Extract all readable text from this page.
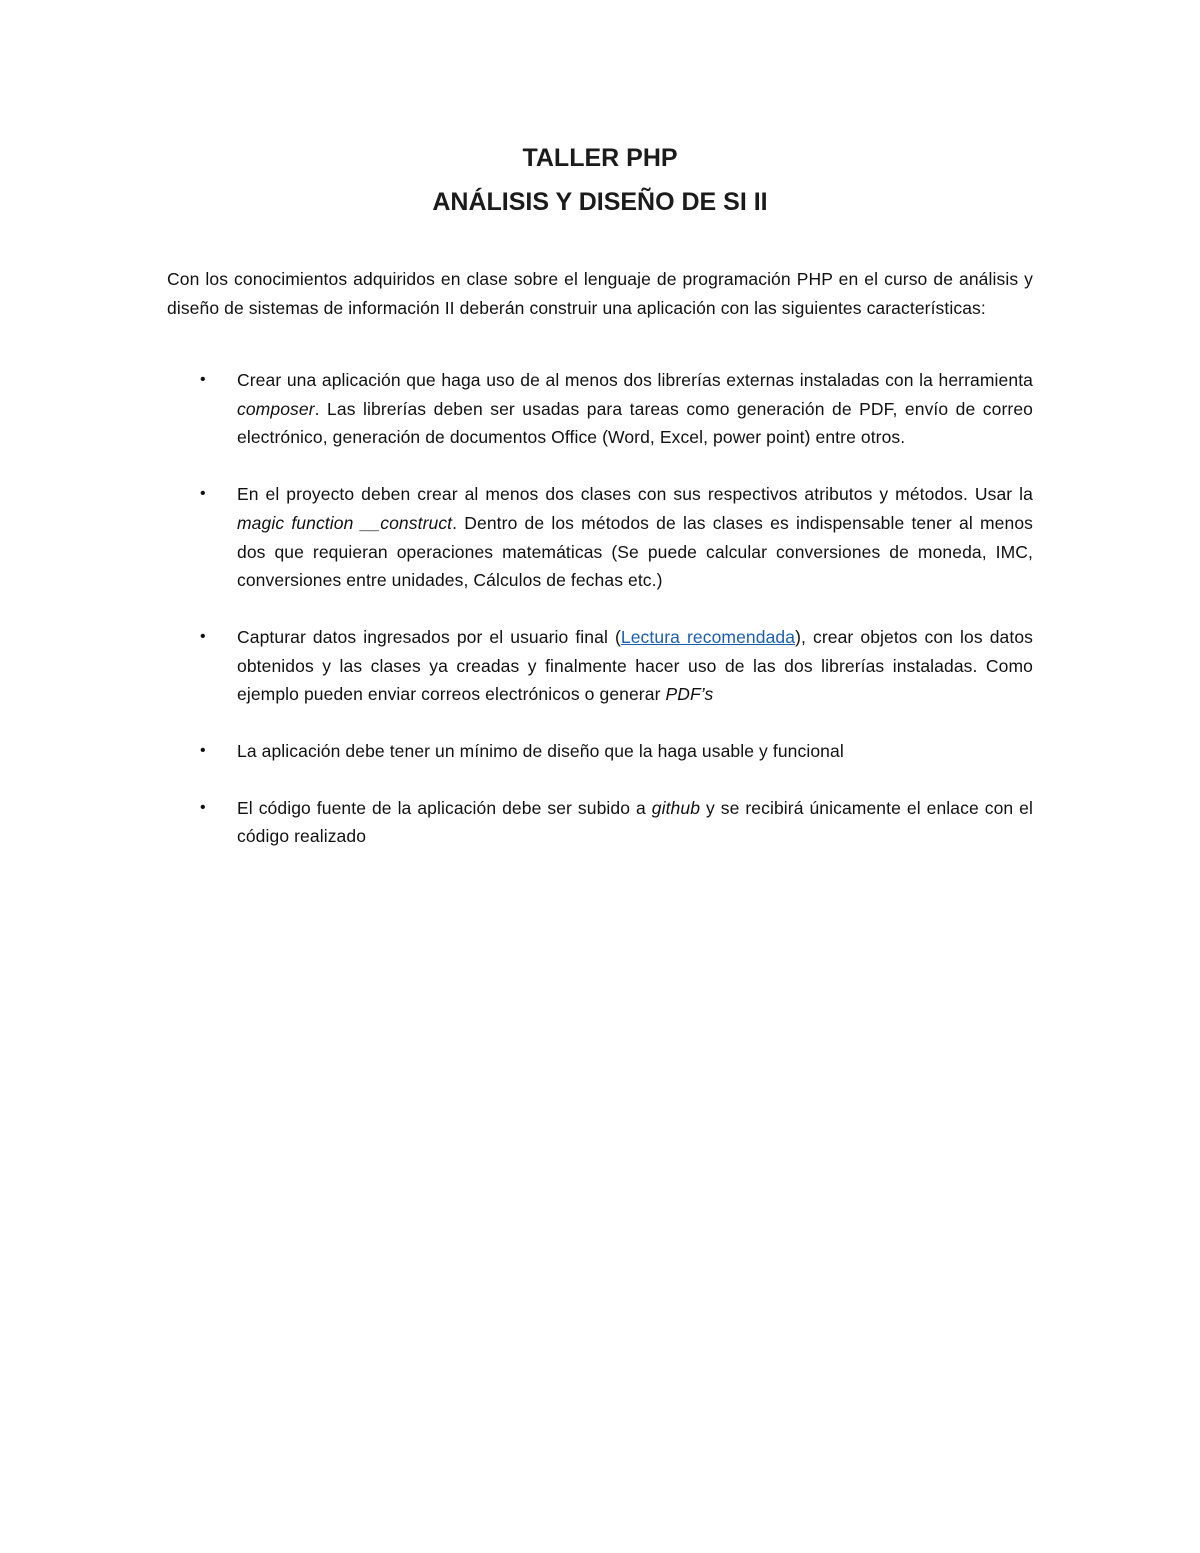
TALLER PHP
ANÁLISIS Y DISEÑO DE SI II
Con los conocimientos adquiridos en clase sobre el lenguaje de programación PHP en el curso de análisis y diseño de sistemas de información II deberán construir una aplicación con las siguientes características:
• Crear una aplicación que haga uso de al menos dos librerías externas instaladas con la herramienta composer. Las librerías deben ser usadas para tareas como generación de PDF, envío de correo electrónico, generación de documentos Office (Word, Excel, power point) entre otros.
• En el proyecto deben crear al menos dos clases con sus respectivos atributos y métodos. Usar la magic function __construct. Dentro de los métodos de las clases es indispensable tener al menos dos que requieran operaciones matemáticas (Se puede calcular conversiones de moneda, IMC, conversiones entre unidades, Cálculos de fechas etc.)
• Capturar datos ingresados por el usuario final (Lectura recomendada), crear objetos con los datos obtenidos y las clases ya creadas y finalmente hacer uso de las dos librerías instaladas. Como ejemplo pueden enviar correos electrónicos o generar PDF’s
• La aplicación debe tener un mínimo de diseño que la haga usable y funcional
• El código fuente de la aplicación debe ser subido a github y se recibirá únicamente el enlace con el código realizado
